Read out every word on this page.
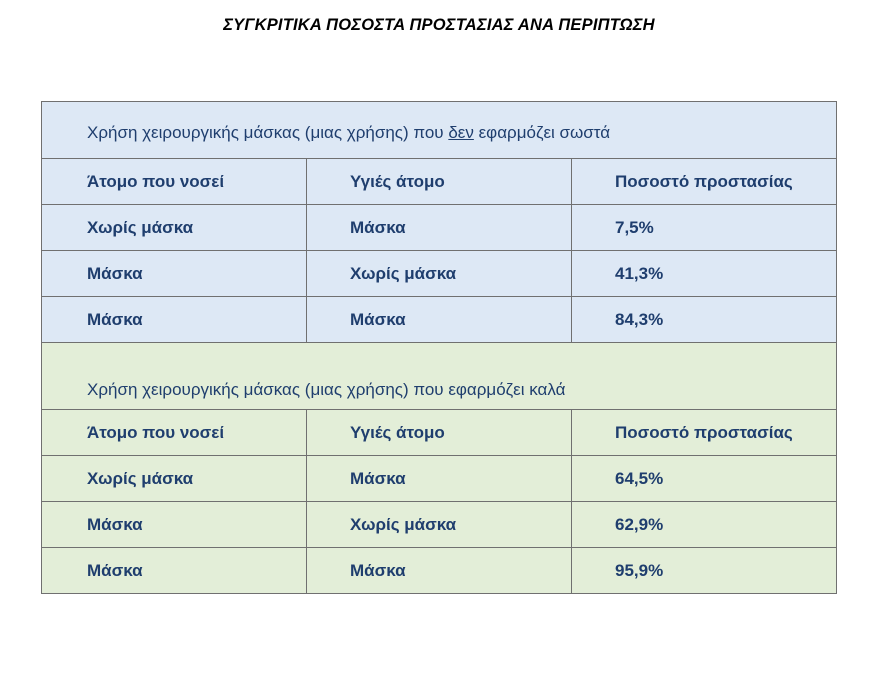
ΣΥΓΚΡΙΤΙΚΑ ΠΟΣΟΣΤΑ ΠΡΟΣΤΑΣΙΑΣ ΑΝΑ ΠΕΡΙΠΤΩΣΗ
Χρήση χειρουργικής μάσκας (μιας χρήσης) που δεν εφαρμόζει σωστά		
Άτομο που νοσεί	Υγιές άτομο	Ποσοστό προστασίας
Χωρίς μάσκα	Μάσκα	7,5%
Μάσκα	Χωρίς μάσκα	41,3%
Μάσκα	Μάσκα	84,3%
Χρήση χειρουργικής μάσκας (μιας χρήσης) που εφαρμόζει καλά		
Άτομο που νοσεί	Υγιές άτομο	Ποσοστό προστασίας
Χωρίς μάσκα	Μάσκα	64,5%
Μάσκα	Χωρίς μάσκα	62,9%
Μάσκα	Μάσκα	95,9%
